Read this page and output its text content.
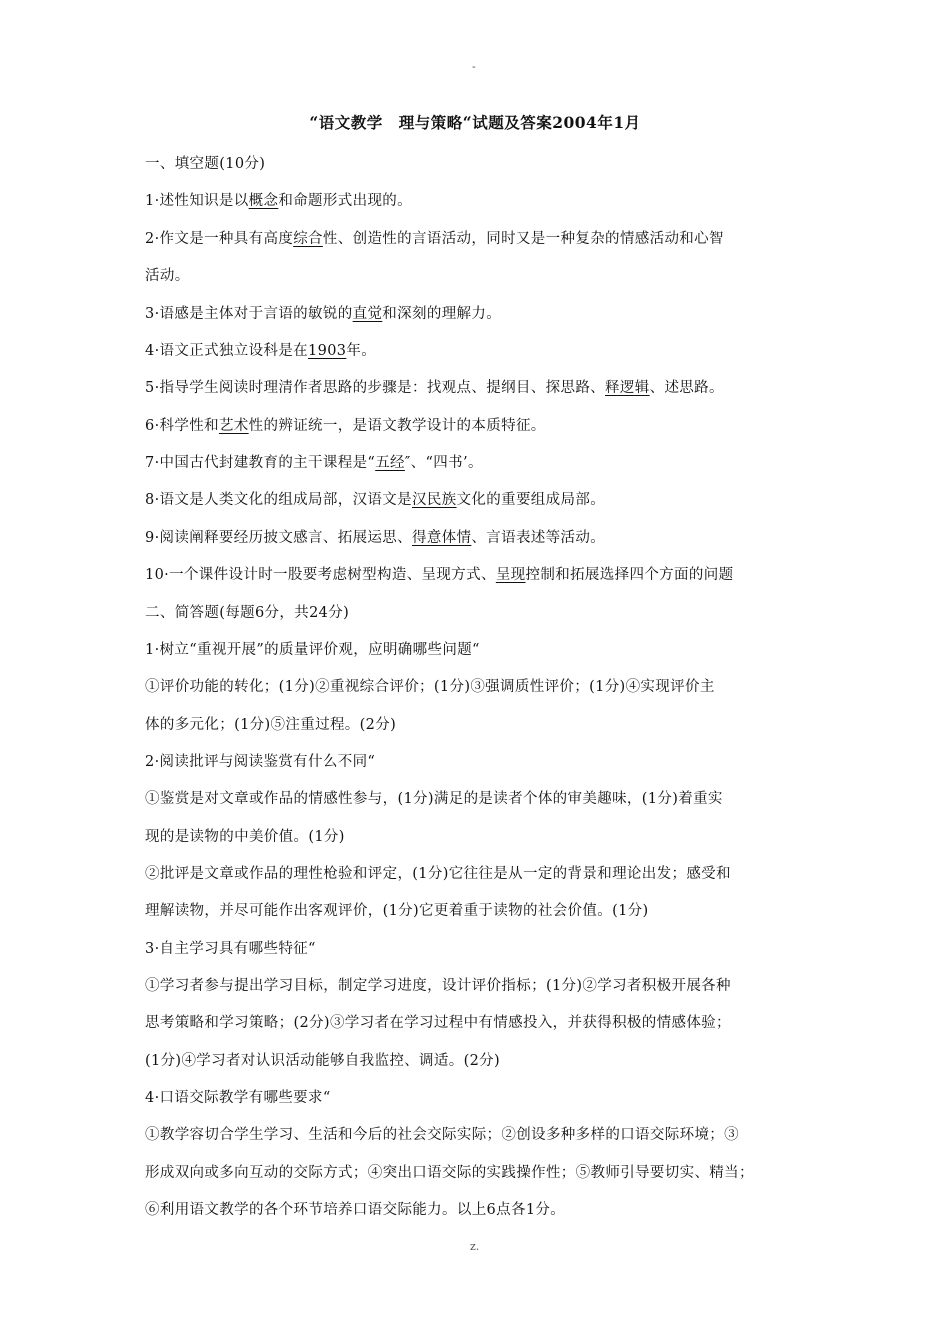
-
“语文教学　理与策略“试题及答案2004年1月
一、填空题(10分)
1·述性知识是以概念和命题形式出现的。
2·作文是一种具有高度综合性、创造性的言语活动，同时又是一种复杂的情感活动和心智
活动。
3·语感是主体对于言语的敏锐的直觉和深刻的理解力。
4·语文正式独立设科是在1903年。
5·指导学生阅读时理清作者思路的步骤是：找观点、提纲目、探思路、释逻辑、述思路。
6·科学性和艺术性的辨证统一，是语文教学设计的本质特征。
7·中国古代封建教育的主干课程是“五经″、“四书’。
8·语文是人类文化的组成局部，汉语文是汉民族文化的重要组成局部。
9·阅读阐释要经历披文感言、拓展运思、得意体情、言语表述等活动。
10·一个课件设计时一股要考虑树型构造、呈现方式、呈现控制和拓展选择四个方面的问题
二、简答题(每题6分，共24分)
1·树立“重视开展”的质量评价观，应明确哪些问题“
①评价功能的转化；(1分)②重视综合评价；(1分)③强调质性评价；(1分)④实现评价主
体的多元化；(1分)⑤注重过程。(2分)
2·阅读批评与阅读鉴赏有什么不同“
①鉴赏是对文章或作品的情感性参与，(1分)满足的是读者个体的审美趣味，(1分)着重实
现的是读物的中美价值。(1分)
②批评是文章或作品的理性枪验和评定，(1分)它往往是从一定的背景和理论出发；感受和
理解读物，并尽可能作出客观评价，(1分)它更着重于读物的社会价值。(1分)
3·自主学习具有哪些特征“
①学习者参与提出学习目标，制定学习进度，设计评价指标；(1分)②学习者积极开展各种
思考策略和学习策略；(2分)③学习者在学习过程中有情感投入，并获得积极的情感体验；
(1分)④学习者对认识活动能够自我监控、调适。(2分)
4·口语交际教学有哪些要求“
①教学容切合学生学习、生活和今后的社会交际实际；②创设多种多样的口语交际环境；③
形成双向或多向互动的交际方式；④突出口语交际的实践操作性；⑤教师引导要切实、精当；
⑥利用语文教学的各个环节培养口语交际能力。以上6点各1分。
z.
